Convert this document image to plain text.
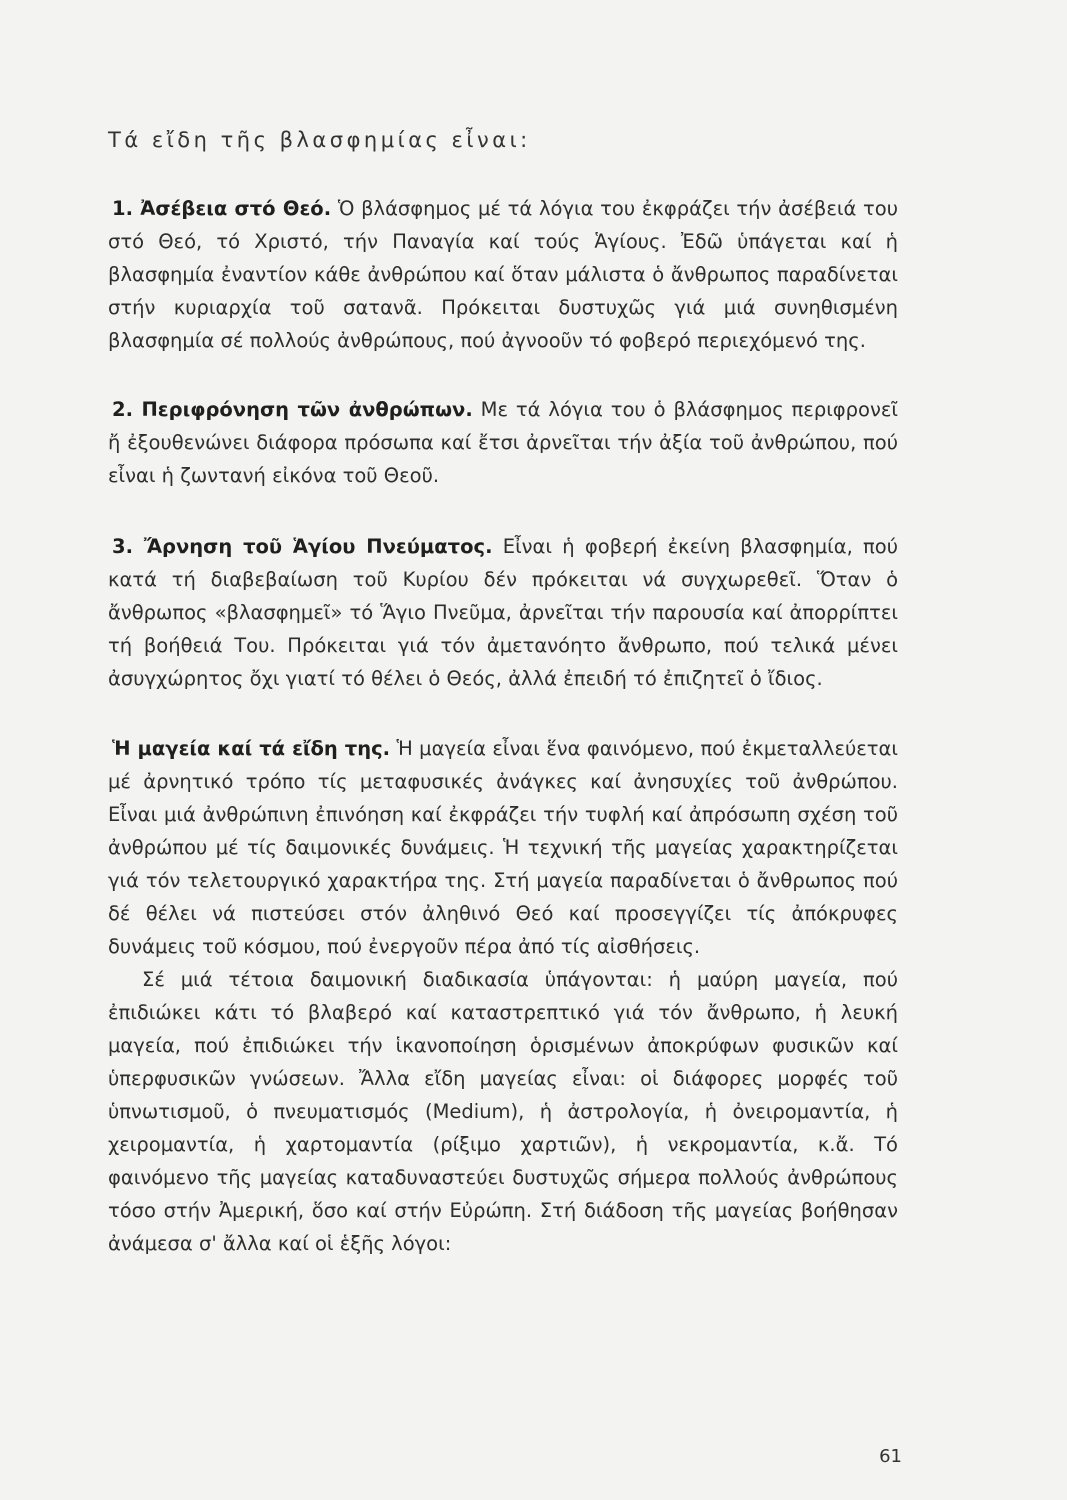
Τά εἴδη τῆς βλασφημίας εἶναι:

1. Ἀσέβεια στό Θεό. Ὁ βλάσφημος μέ τά λόγια του ἐκφράζει τήν ἀσέβειά του στό Θεό, τό Χριστό, τήν Παναγία καί τούς Ἁγίους. Ἐδῶ ὑπάγεται καί ἡ βλασφημία ἐναντίον κάθε ἀνθρώπου καί ὅταν μάλιστα ὁ ἄνθρωπος παραδίνεται στήν κυριαρχία τοῦ σατανᾶ. Πρόκειται δυστυχῶς γιά μιά συνηθισμένη βλασφημία σέ πολλούς ἀνθρώπους, πού ἀγνοοῦν τό φοβερό περιεχόμενό της.

2. Περιφρόνηση τῶν ἀνθρώπων. Με τά λόγια του ὁ βλάσφημος περιφρονεῖ ἤ ἐξουθενώνει διάφορα πρόσωπα καί ἔτσι ἀρνεῖται τήν ἀξία τοῦ ἀνθρώπου, πού εἶναι ἡ ζωντανή εἰκόνα τοῦ Θεοῦ.

3. Ἄρνηση τοῦ Ἁγίου Πνεύματος. Εἶναι ἡ φοβερή ἐκείνη βλασφημία, πού κατά τή διαβεβαίωση τοῦ Κυρίου δέν πρόκειται νά συγχωρεθεῖ. Ὅταν ὁ ἄνθρωπος «βλασφημεῖ» τό Ἅγιο Πνεῦμα, ἀρνεῖται τήν παρουσία καί ἀπορρίπτει τή βοήθειά Του. Πρόκειται γιά τόν ἀμετανόητο ἄνθρωπο, πού τελικά μένει ἀσυγχώρητος ὄχι γιατί τό θέλει ὁ Θεός, ἀλλά ἐπειδή τό ἐπιζητεῖ ὁ ἴδιος.

Ἡ μαγεία καί τά εἴδη της. Ἡ μαγεία εἶναι ἕνα φαινόμενο, πού ἐκμεταλλεύεται μέ ἀρνητικό τρόπο τίς μεταφυσικές ἀνάγκες καί ἀνησυχίες τοῦ ἀνθρώπου. Εἶναι μιά ἀνθρώπινη ἐπινόηση καί ἐκφράζει τήν τυφλή καί ἀπρόσωπη σχέση τοῦ ἀνθρώπου μέ τίς δαιμονικές δυνάμεις. Ἡ τεχνική τῆς μαγείας χαρακτηρίζεται γιά τόν τελετουργικό χαρακτήρα της. Στή μαγεία παραδίνεται ὁ ἄνθρωπος πού δέ θέλει νά πιστεύσει στόν ἀληθινό Θεό καί προσεγγίζει τίς ἀπόκρυφες δυνάμεις τοῦ κόσμου, πού ἐνεργοῦν πέρα ἀπό τίς αἰσθήσεις.

Σέ μιά τέτοια δαιμονική διαδικασία ὑπάγονται: ἡ μαύρη μαγεία, πού ἐπιδιώκει κάτι τό βλαβερό καί καταστρεπτικό γιά τόν ἄνθρωπο, ἡ λευκή μαγεία, πού ἐπιδιώκει τήν ἱκανοποίηση ὁρισμένων ἀποκρύφων φυσικῶν καί ὑπερφυσικῶν γνώσεων. Ἄλλα εἴδη μαγείας εἶναι: οἱ διάφορες μορφές τοῦ ὑπνωτισμοῦ, ὁ πνευματισμός (Medium), ἡ ἀστρολογία, ἡ ὀνειρομαντία, ἡ χειρομαντία, ἡ χαρτομαντία (ρίξιμο χαρτιῶν), ἡ νεκρομαντία, κ.ἄ. Τό φαινόμενο τῆς μαγείας καταδυναστεύει δυστυχῶς σήμερα πολλούς ἀνθρώπους τόσο στήν Ἀμερική, ὅσο καί στήν Εὐρώπη. Στή διάδοση τῆς μαγείας βοήθησαν ἀνάμεσα σ' ἄλλα καί οἱ ἑξῆς λόγοι:

61
